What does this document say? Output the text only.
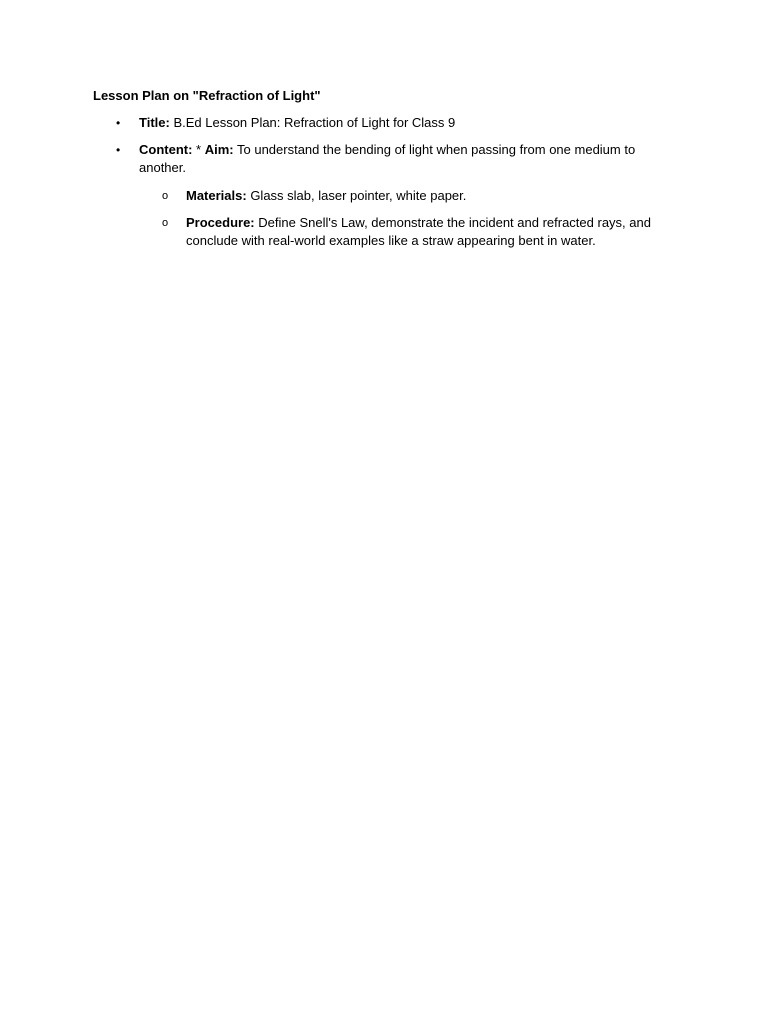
Lesson Plan on "Refraction of Light"
• Title: B.Ed Lesson Plan: Refraction of Light for Class 9
• Content: * Aim: To understand the bending of light when passing from one medium to another.
o Materials: Glass slab, laser pointer, white paper.
o Procedure: Define Snell's Law, demonstrate the incident and refracted rays, and conclude with real-world examples like a straw appearing bent in water.
